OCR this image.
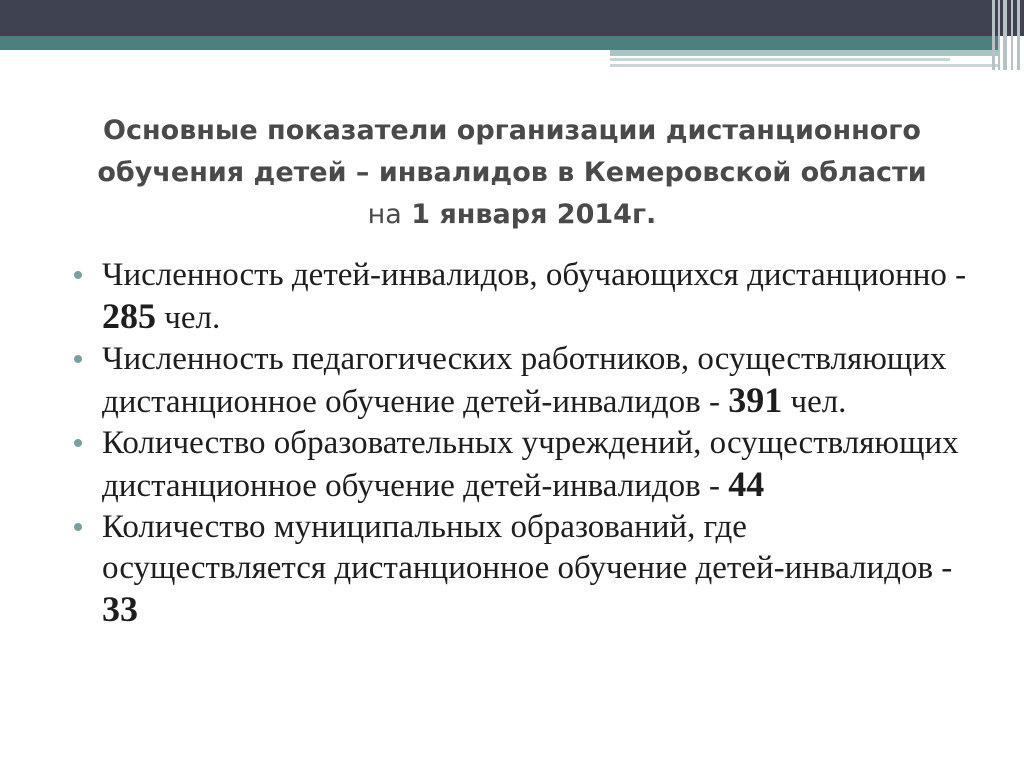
Основные показатели организации дистанционного
обучения детей – инвалидов в Кемеровской области
на 1 января 2014г.
Численность детей-инвалидов, обучающихся дистанционно - 285 чел.
Численность педагогических работников, осуществляющих дистанционное обучение детей-инвалидов - 391 чел.
Количество образовательных учреждений, осуществляющих дистанционное обучение детей-инвалидов - 44
Количество муниципальных образований, где осуществляется дистанционное обучение детей-инвалидов - 33
